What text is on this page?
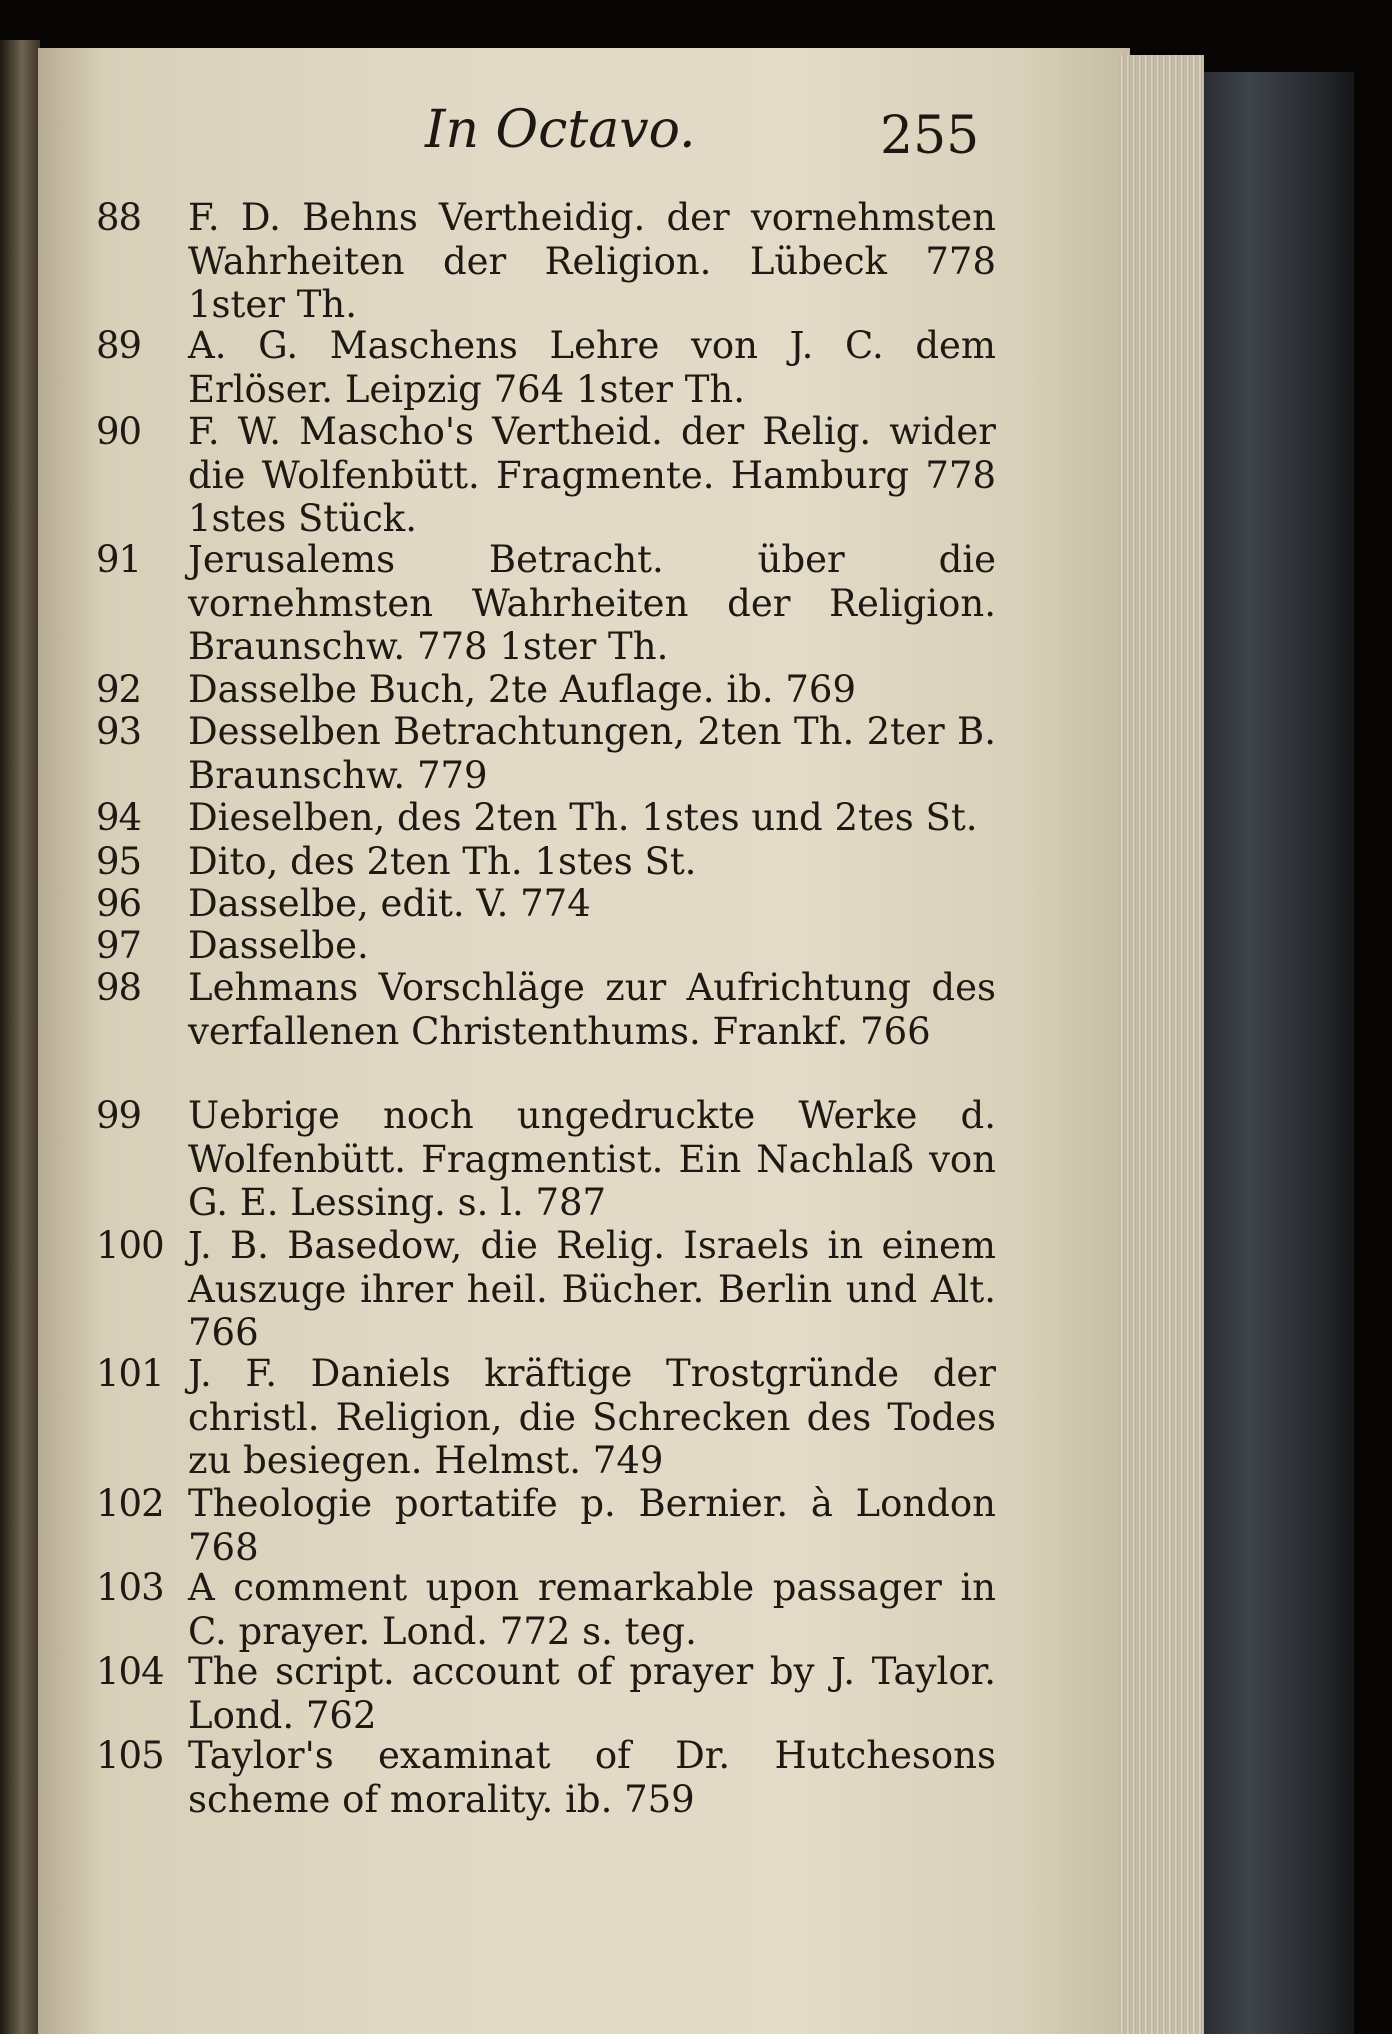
In Octavo.	255
88	F. D. Behns Vertheidig. der vornehmsten Wahrheiten der Religion. Lübeck 778 1ster Th.
89	A. G. Maschens Lehre von J. C. dem Erlöser. Leipzig 764 1ster Th.
90	F. W. Mascho's Vertheid. der Relig. wider die Wolfenbütt. Fragmente. Hamburg 778 1stes Stück.
91	Jerusalems Betracht. über die vornehmsten Wahrheiten der Religion. Braunschw. 778 1ster Th.
92	Dasselbe Buch, 2te Auflage. ib. 769
93	Desselben Betrachtungen, 2ten Th. 2ter B. Braunschw. 779
94	Dieselben, des 2ten Th. 1stes und 2tes St.
95	Dito, des 2ten Th. 1stes St.
96	Dasselbe, edit. V. 774
97	Dasselbe.
98	Lehmans Vorschläge zur Aufrichtung des verfallenen Christenthums. Frankf. 766
99	Uebrige noch ungedruckte Werke d. Wolfenbütt. Fragmentist. Ein Nachlaß von G. E. Lessing. s. l. 787
100 J. B. Basedow, die Relig. Israels in einem Auszuge ihrer heil. Bücher. Berlin und Alt. 766
101 J. F. Daniels kräftige Trostgründe der christl. Religion, die Schrecken des Todes zu besiegen. Helmst. 749
102 Theologie portatife p. Bernier. à London 768
103 A comment upon remarkable passager in C. prayer. Lond. 772 s. teg.
104 The script. account of prayer by J. Taylor. Lond. 762
105 Taylor's examinat of Dr. Hutchesons scheme of morality. ib. 759
